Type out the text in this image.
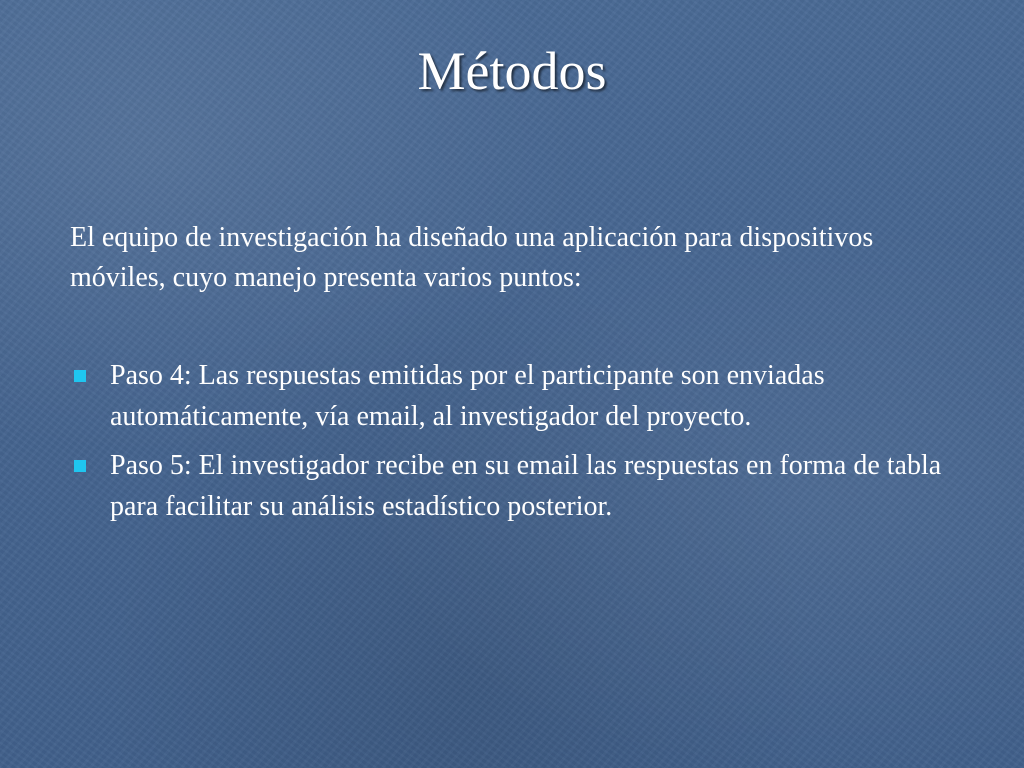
Métodos

El equipo de investigación ha diseñado una aplicación para dispositivos móviles, cuyo manejo presenta varios puntos:

Paso 4: Las respuestas emitidas por el participante son enviadas automáticamente, vía email, al investigador del proyecto.
Paso 5: El investigador recibe en su email las respuestas en forma de tabla para facilitar su análisis estadístico posterior.
